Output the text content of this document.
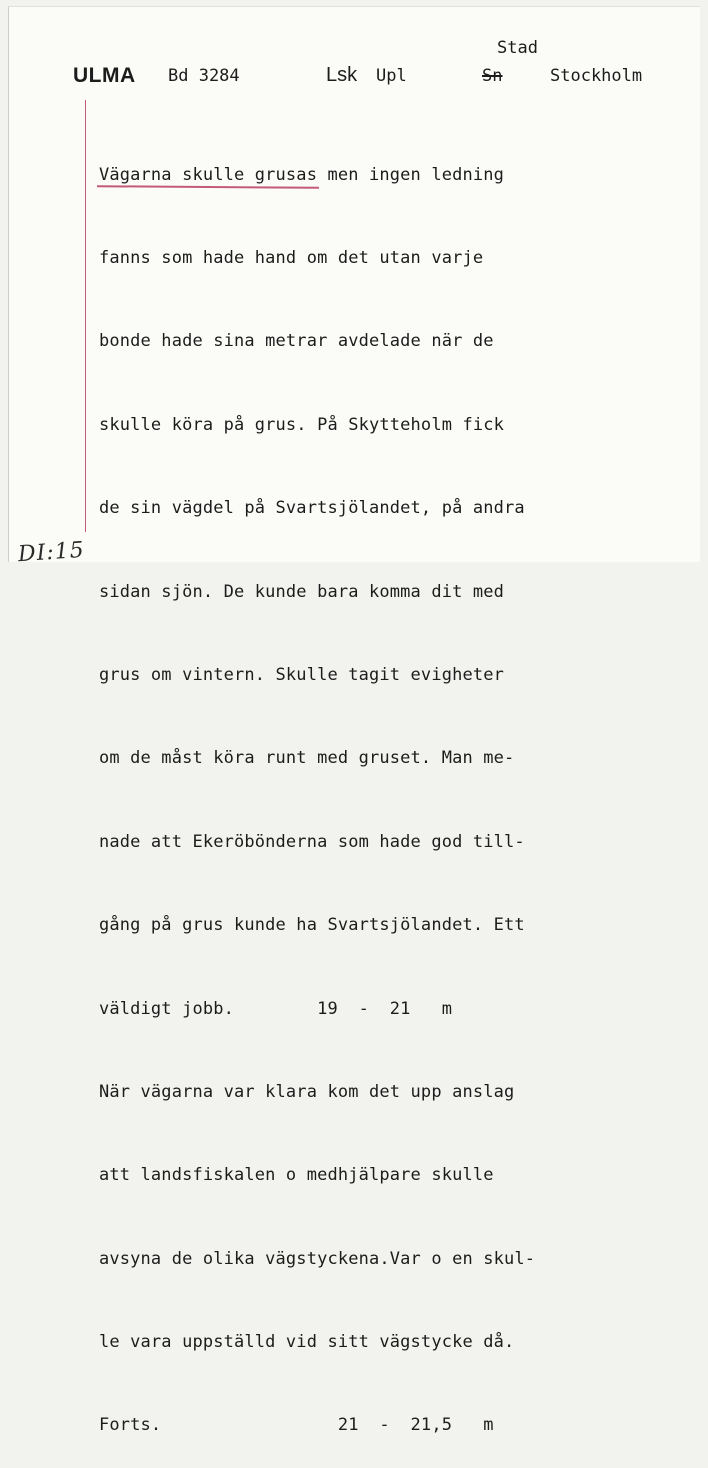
ULMA Bd 3284	Lsk Upl	Sn
Stad
Stockholm

Vägarna skulle grusas men ingen ledning

fanns som hade hand om det utan varje

bonde hade sina metrar avdelade när de

skulle köra på grus. På Skytteholm fick

de sin vägdel på Svartsjölandet, på andra

sidan sjön. De kunde bara komma dit med

grus om vintern. Skulle tagit evigheter

om de måst köra runt med gruset. Man me-

nade att Ekeröbönderna som hade god till-

gång på grus kunde ha Svartsjölandet. Ett

väldigt jobb.        19  -  21   m

När vägarna var klara kom det upp anslag

att landsfiskalen o medhjälpare skulle

avsyna de olika vägstyckena.Var o en skul-

le vara uppställd vid sitt vägstycke då.

Forts.                 21  -  21,5   m

DI:15
